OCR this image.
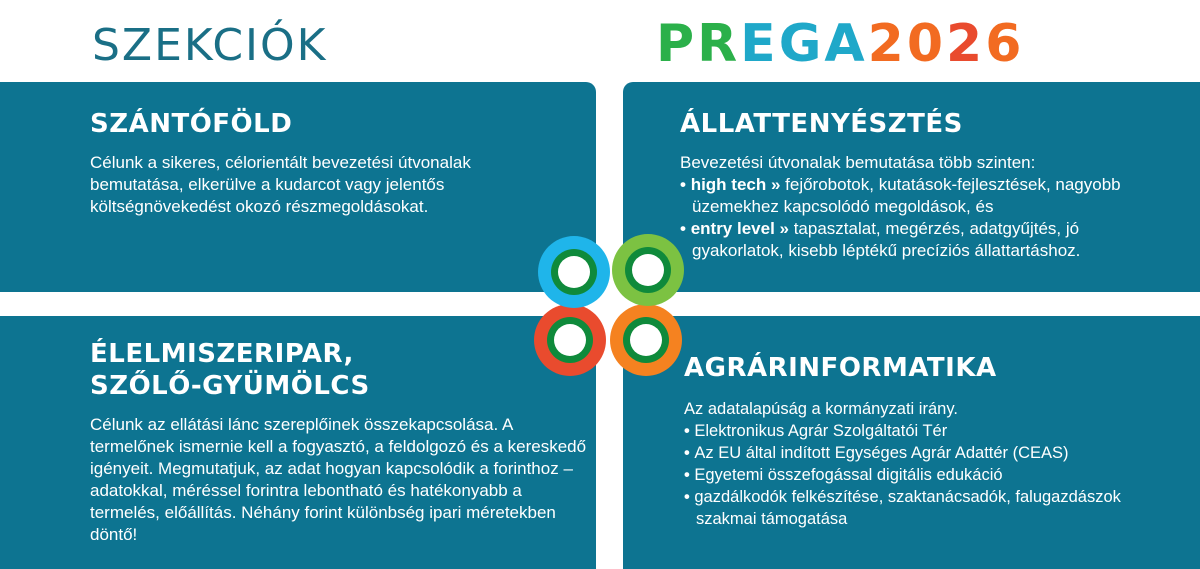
SZEKCIÓK	PREGA2026
SZÁNTÓFÖLD

Célunk a sikeres, célorientált bevezetési útvonalak bemutatása, elkerülve a kudarcot vagy jelentős költségnövekedést okozó részmegoldásokat.

ÁLLATTENYÉSZTÉS

Bevezetési útvonalak bemutatása több szinten:

• high tech » fejőrobotok, kutatások-fejlesztések, nagyobb üzemekhez kapcsolódó megoldások, és
• entry level » tapasztalat, megérzés, adatgyűjtés, jó gyakorlatok, kisebb léptékű precíziós állattartáshoz.
ÉLELMISZERIPAR,
SZŐLŐ-GYÜMÖLCS

Célunk az ellátási lánc szereplőinek összekapcsolása. A termelőnek ismernie kell a fogyasztó, a feldolgozó és a kereskedő igényeit. Megmutatjuk, az adat hogyan kapcsolódik a forinthoz – adatokkal, méréssel forintra lebontható és hatékonyabb a termelés, előállítás. Néhány forint különbség ipari méretekben döntő!

AGRÁRINFORMATIKA

Az adatalapúság a kormányzati irány.

• Elektronikus Agrár Szolgáltatói Tér
• Az EU által indított Egységes Agrár Adattér (CEAS)
• Egyetemi összefogással digitális edukáció
• gazdálkodók felkészítése, szaktanácsadók, falugazdászok szakmai támogatása
